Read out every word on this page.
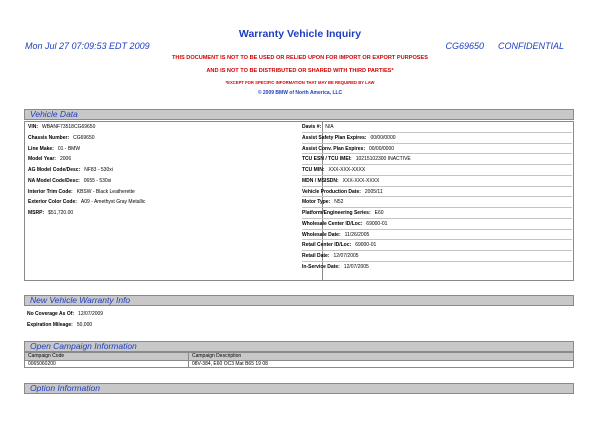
Warranty Vehicle Inquiry
Mon Jul 27 07:09:53 EDT 2009	CG69650 CONFIDENTIAL
THIS DOCUMENT IS NOT TO BE USED OR RELIED UPON FOR IMPORT OR EXPORT PURPOSES
AND IS NOT TO BE DISTRIBUTED OR SHARED WITH THIRD PARTIES*
*EXCEPT FOR SPECIFIC INFORMATION THAT MAY BE REQUIRED BY LAW
© 2009 BMW of North America, LLC
Vehicle Data
VIN: WBANF73518CG69650
Chassis Number: CG69650
Line Make: 01 - BMW
Model Year: 2006
AG Model Code/Desc: NF83 - 530xi
NA Model Code/Desc: 0655 - 530xi
Interior Trim Code: KBSW - Black Leatherette
Exterior Color Code: A09 - Amethyst Gray Metallic
MSRP: $51,720.00
Davis #: N/A
Assist Safety Plan Expires: 00/00/0000
Assist Conv. Plan Expires: 00/00/0000
TCU ESN / TCU IMEI: 10215102300 INACTIVE
TCU MIN: XXX-XXX-XXXX
MDN / MSISDN: XXX-XXX-XXXX
Vehicle Production Date: 2005/11
Motor Type: N52
Platform/Engineering Series: E60
Wholesale Center ID/Loc: 69000-01
Wholesale Date: 11/26/2005
Retail Center ID/Loc: 69000-01
Retail Date: 12/07/2005
In-Service Date: 12/07/2005
New Vehicle Warranty Info
No Coverage As Of: 12/07/2009
Expiration Mileage: 50,000
Open Campaign Information
Campaign Code	Campaign Description
0065060200	08V-384, E60 OC3 Mat B65 19 08
Option Information
